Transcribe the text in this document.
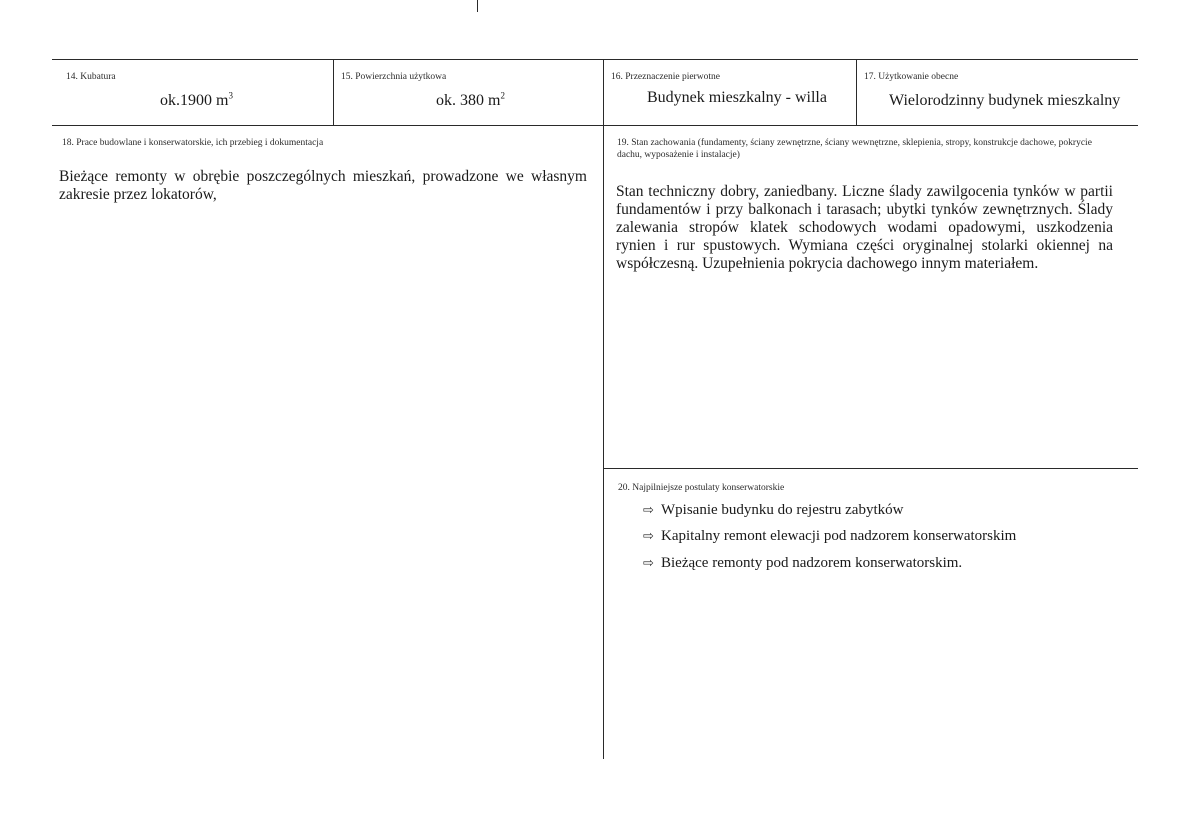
14. Kubatura
ok.1900 $m^3$
15. Powierzchnia użytkowa
ok. 380 $m^2$
16. Przeznaczenie pierwotne
Budynek mieszkalny - willa
17. Użytkowanie obecne
Wielorodzinny budynek mieszkalny
18. Prace budowlane i konserwatorskie, ich przebieg i dokumentacja
Bieżące remonty w obrębie poszczególnych mieszkań, prowadzone we własnym zakresie przez lokatorów,
19. Stan zachowania (fundamenty, ściany zewnętrzne, ściany wewnętrzne, sklepienia, stropy, konstrukcje dachowe, pokrycie dachu, wyposażenie i instalacje)
Stan techniczny dobry, zaniedbany. Liczne ślady zawilgocenia tynków w partii fundamentów i przy balkonach i tarasach; ubytki tynków zewnętrznych. Ślady zalewania stropów klatek schodowych wodami opadowymi, uszkodzenia rynien i rur spustowych. Wymiana części oryginalnej stolarki okiennej na współczesną. Uzupełnienia pokrycia dachowego innym materiałem.
20. Najpilniejsze postulaty konserwatorskie
⇨ Wpisanie budynku do rejestru zabytków
⇨ Kapitalny remont elewacji pod nadzorem konserwatorskim
⇨ Bieżące remonty pod nadzorem konserwatorskim.
